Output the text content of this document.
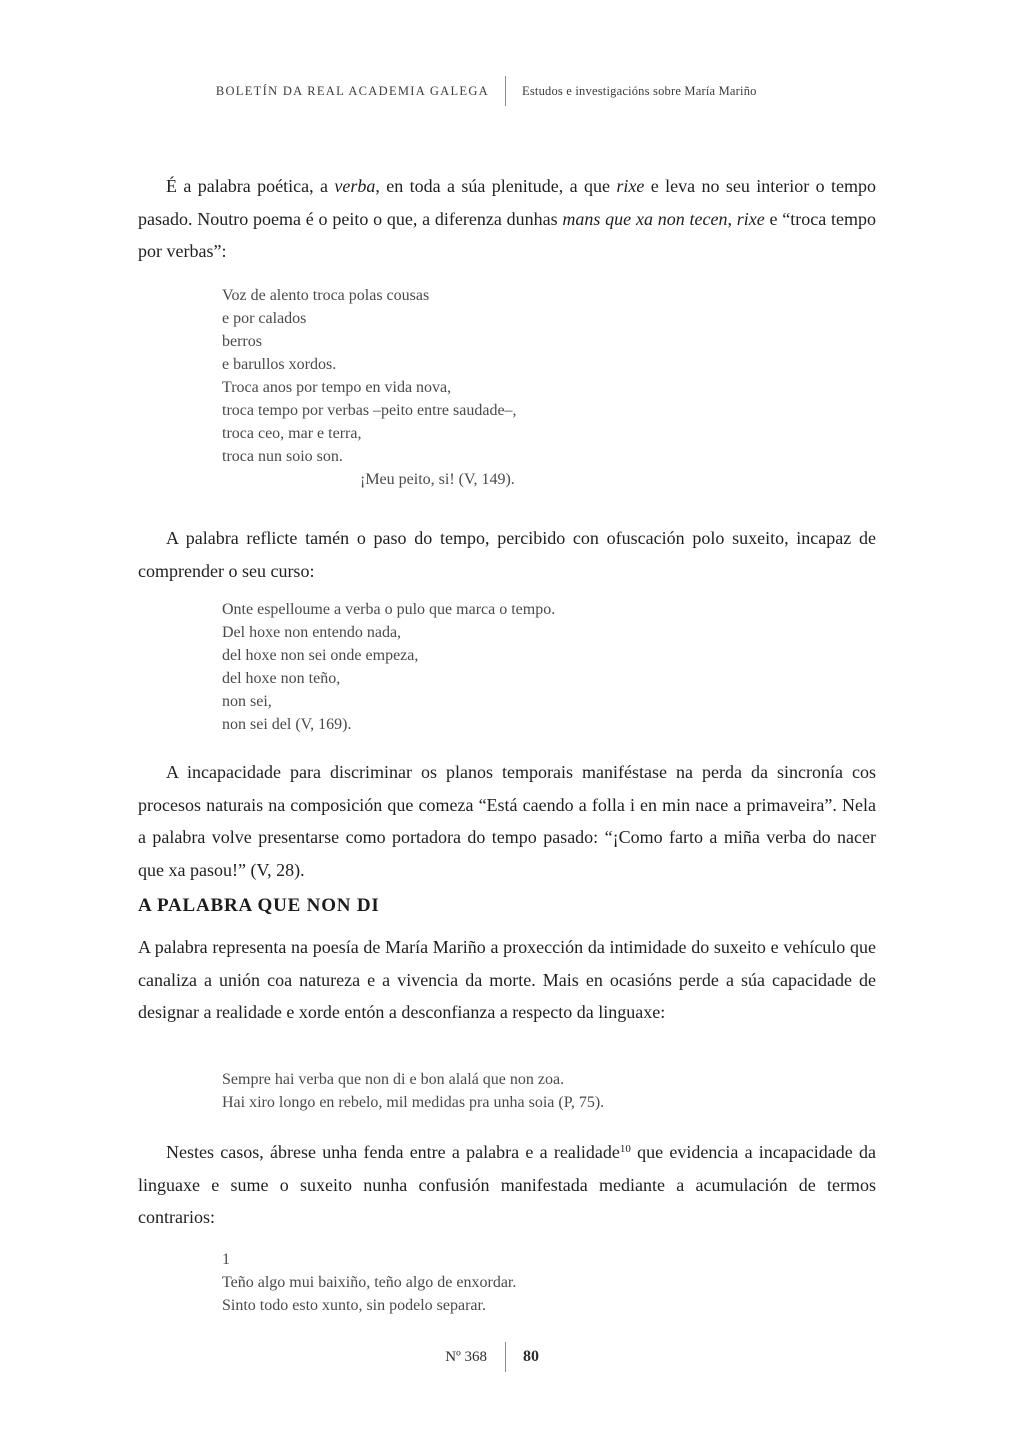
BOLETÍN DA REAL ACADEMIA GALEGA	Estudos e investigacións sobre María Mariño
É a palabra poética, a verba, en toda a súa plenitude, a que rixe e leva no seu interior o tempo pasado. Noutro poema é o peito o que, a diferenza dunhas mans que xa non tecen, rixe e “troca tempo por verbas”:
Voz de alento troca polas cousas
e por calados
berros
e barullos xordos.
Troca anos por tempo en vida nova,
troca tempo por verbas –peito entre saudade–,
troca ceo, mar e terra,
troca nun soio son.
¡Meu peito, si! (V, 149).
A palabra reflicte tamén o paso do tempo, percibido con ofuscación polo suxeito, incapaz de comprender o seu curso:
Onte espelloume a verba o pulo que marca o tempo.
Del hoxe non entendo nada,
del hoxe non sei onde empeza,
del hoxe non teño,
non sei,
non sei del (V, 169).
A incapacidade para discriminar os planos temporais maniféstase na perda da sincronía cos procesos naturais na composición que comeza “Está caendo a folla i en min nace a primaveira”. Nela a palabra volve presentarse como portadora do tempo pasado: “¡Como farto a miña verba do nacer que xa pasou!” (V, 28).
A PALABRA QUE NON DI
A palabra representa na poesía de María Mariño a proxección da intimidade do suxeito e vehículo que canaliza a unión coa natureza e a vivencia da morte. Mais en ocasións perde a súa capacidade de designar a realidade e xorde entón a desconfianza a respecto da linguaxe:
Sempre hai verba que non di e bon alalá que non zoa.
Hai xiro longo en rebelo, mil medidas pra unha soia (P, 75).
Nestes casos, ábrese unha fenda entre a palabra e a realidade$^{10}$ que evidencia a incapacidade da linguaxe e sume o suxeito nunha confusión manifestada mediante a acumulación de termos contrarios:
1
Teño algo mui baixiño, teño algo de enxordar.
Sinto todo esto xunto, sin podelo separar.
Nº 368	80
